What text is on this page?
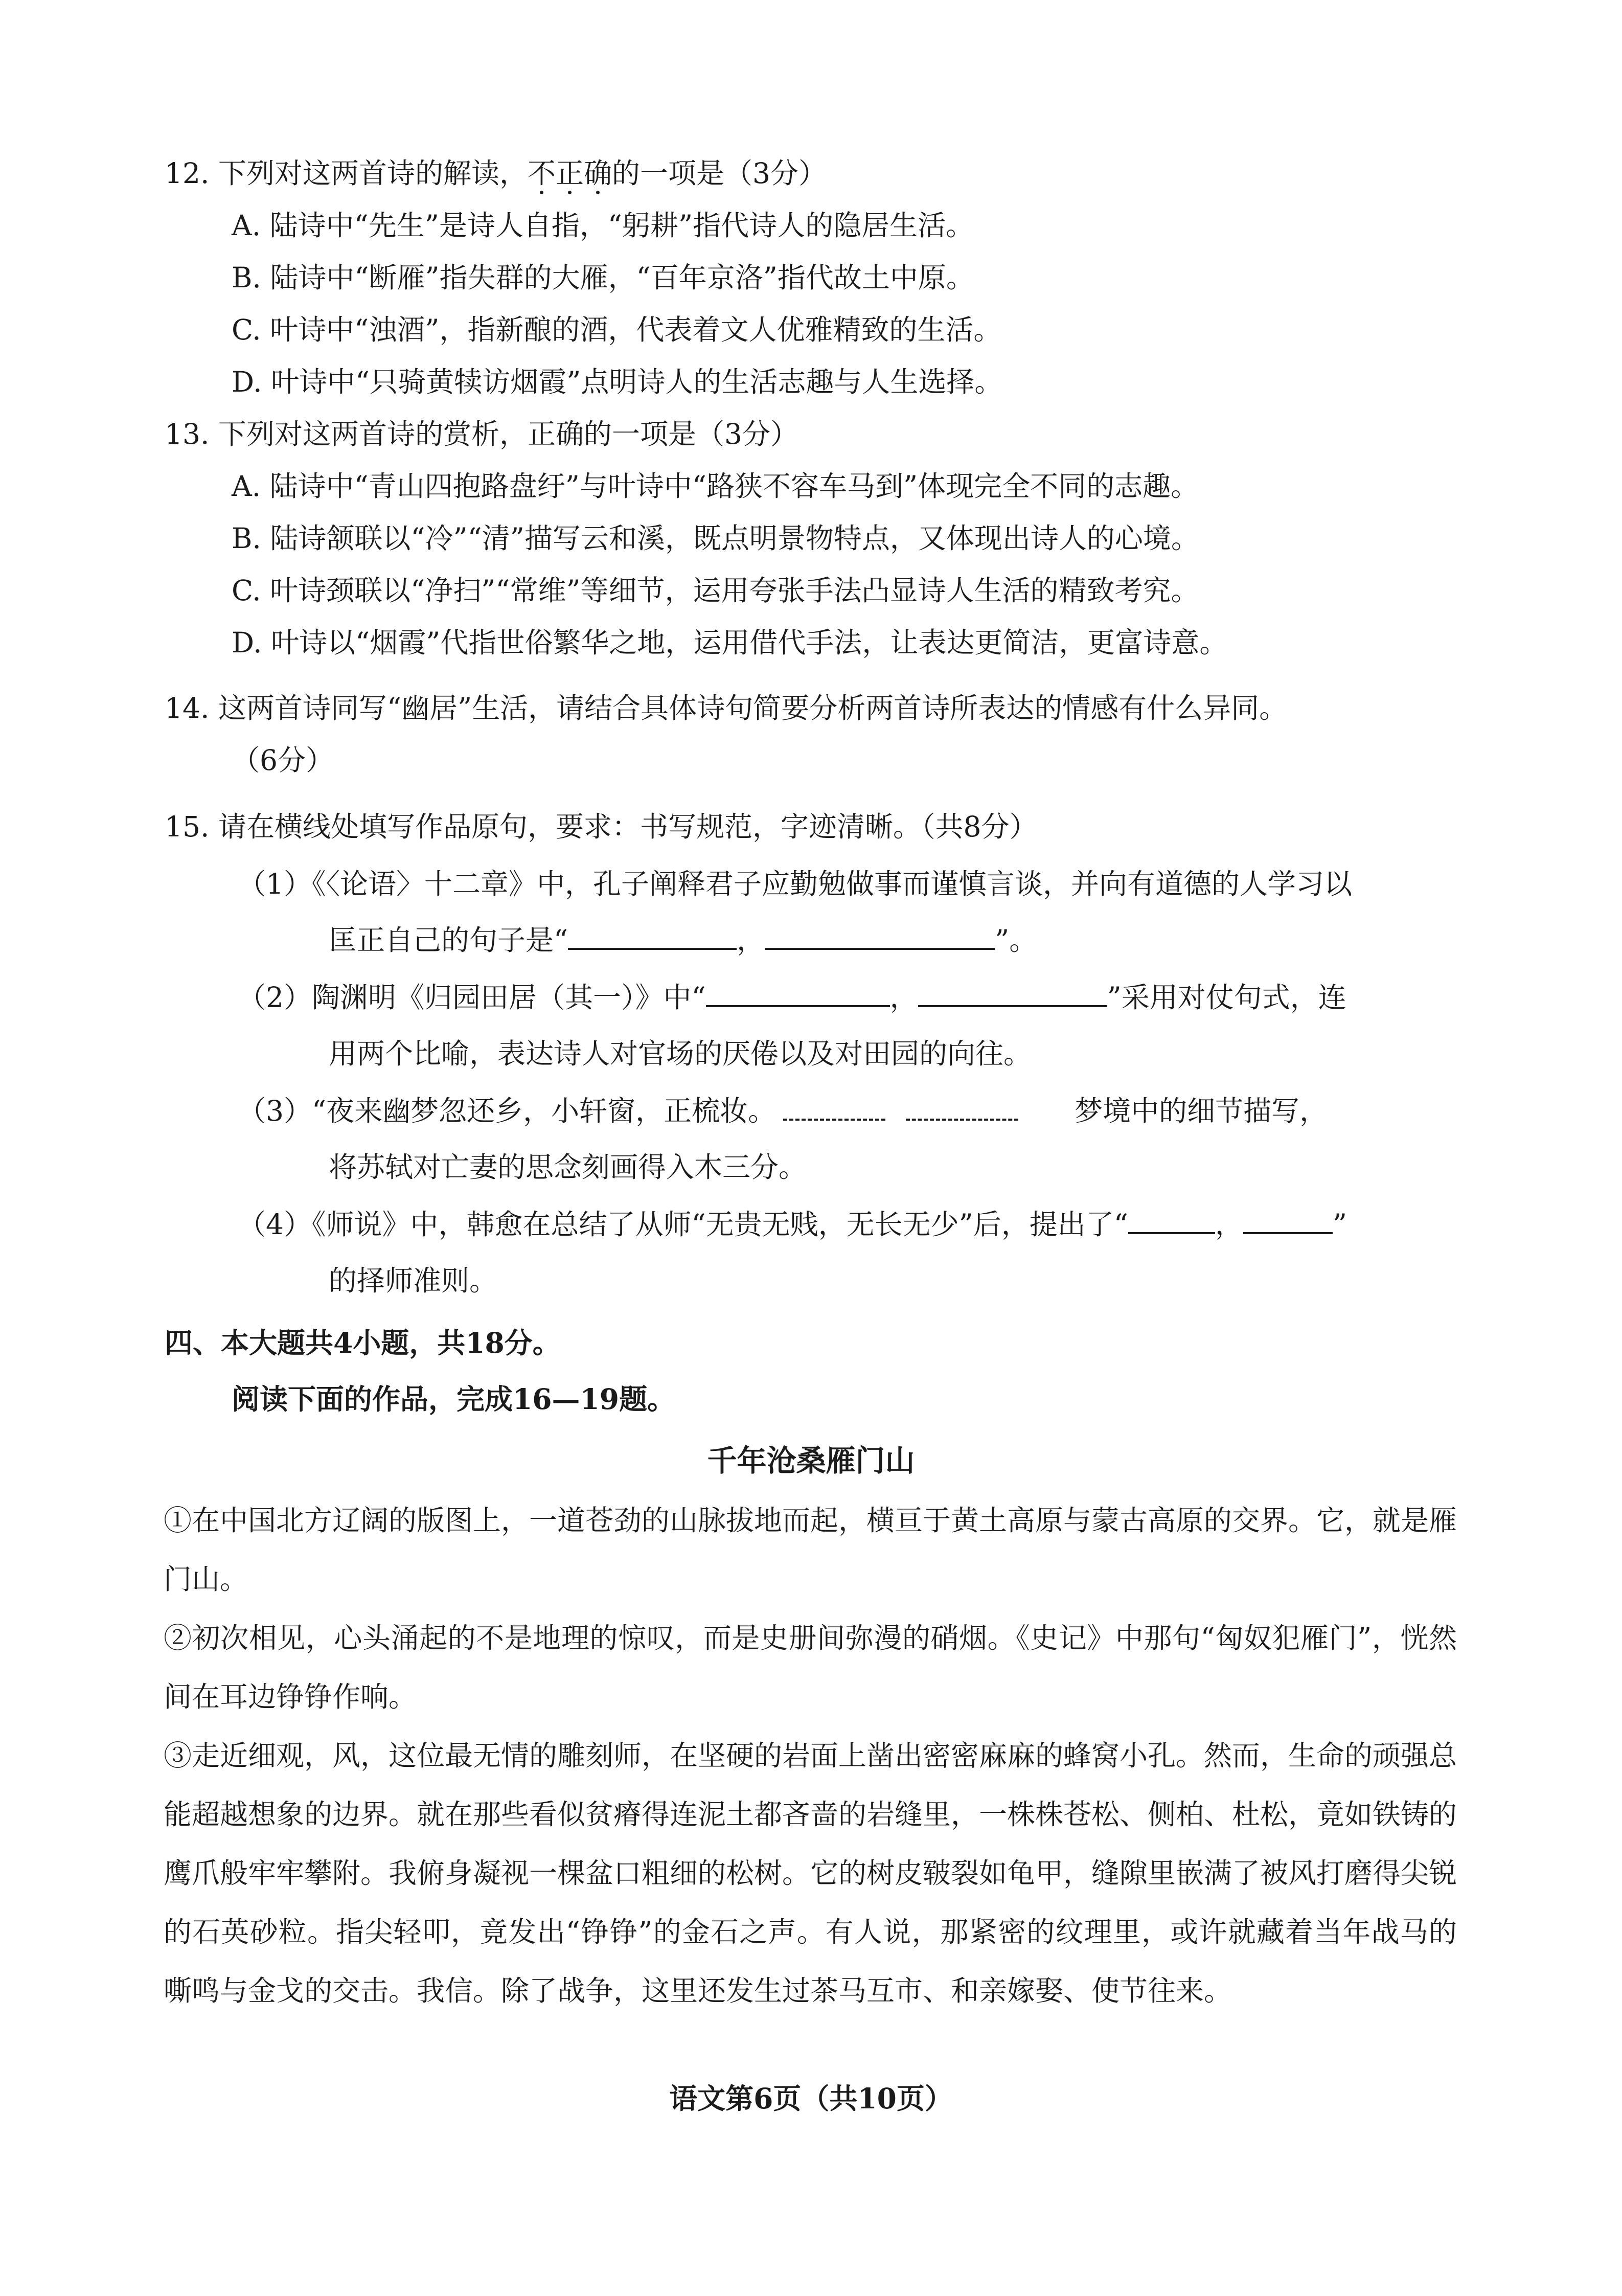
12. 下列对这两首诗的解读，不正确的一项是（3分）
A. 陆诗中“先生”是诗人自指，“躬耕”指代诗人的隐居生活。
B. 陆诗中“断雁”指失群的大雁，“百年京洛”指代故土中原。
C. 叶诗中“浊酒”，指新酿的酒，代表着文人优雅精致的生活。
D. 叶诗中“只骑黄犊访烟霞”点明诗人的生活志趣与人生选择。
13. 下列对这两首诗的赏析，正确的一项是（3分）
A. 陆诗中“青山四抱路盘纡”与叶诗中“路狭不容车马到”体现完全不同的志趣。
B. 陆诗颔联以“冷”“清”描写云和溪，既点明景物特点，又体现出诗人的心境。
C. 叶诗颈联以“净扫”“常维”等细节，运用夸张手法凸显诗人生活的精致考究。
D. 叶诗以“烟霞”代指世俗繁华之地，运用借代手法，让表达更简洁，更富诗意。
14. 这两首诗同写“幽居”生活，请结合具体诗句简要分析两首诗所表达的情感有什么异同。
（6分）
15. 请在横线处填写作品原句，要求：书写规范，字迹清晰。（共8分）
（1）《〈论语〉十二章》中，孔子阐释君子应勤勉做事而谨慎言谈，并向有道德的人学习以
匡正自己的句子是“	，	”。
（2）陶渊明《归园田居（其一）》中“	，	”采用对仗句式，连
用两个比喻，表达诗人对官场的厌倦以及对田园的向往。
（3）“夜来幽梦忽还乡，小轩窗，正梳妆。	梦境中的细节描写，
将苏轼对亡妻的思念刻画得入木三分。
（4）《师说》中，韩愈在总结了从师“无贵无贱，无长无少”后，提出了“	，	”
的择师准则。
四、本大题共4小题，共18分。
阅读下面的作品，完成16—19题。
千年沧桑雁门山

①在中国北方辽阔的版图上，一道苍劲的山脉拔地而起，横亘于黄土高原与蒙古高原的交界。它，就是雁门山。

②初次相见，心头涌起的不是地理的惊叹，而是史册间弥漫的硝烟。《史记》中那句“匈奴犯雁门”，恍然间在耳边铮铮作响。

③走近细观，风，这位最无情的雕刻师，在坚硬的岩面上凿出密密麻麻的蜂窝小孔。然而，生命的顽强总能超越想象的边界。就在那些看似贫瘠得连泥土都吝啬的岩缝里，一株株苍松、侧柏、杜松，竟如铁铸的鹰爪般牢牢攀附。我俯身凝视一棵盆口粗细的松树。它的树皮皲裂如龟甲，缝隙里嵌满了被风打磨得尖锐的石英砂粒。指尖轻叩，竟发出“铮铮”的金石之声。有人说，那紧密的纹理里，或许就藏着当年战马的嘶鸣与金戈的交击。我信。除了战争，这里还发生过茶马互市、和亲嫁娶、使节往来。

语文第6页（共10页）
